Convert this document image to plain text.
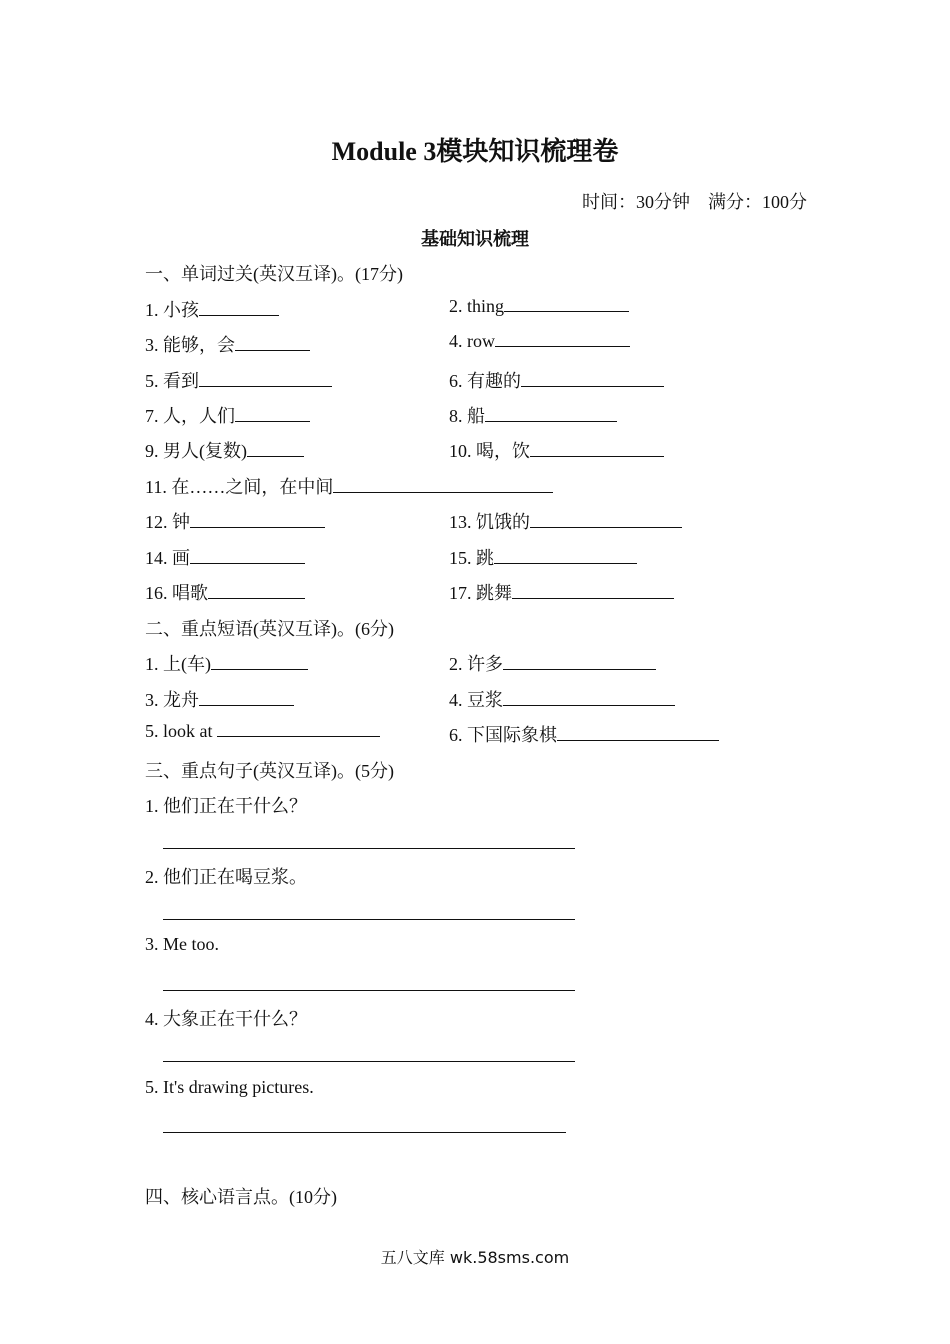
Module 3模块知识梳理卷
时间：30分钟　满分：100分
基础知识梳理
一、单词过关(英汉互译)。(17分)
1. 小孩	2. thing
3. 能够，会	4. row
5. 看到	6. 有趣的
7. 人，人们	8. 船
9. 男人(复数)	10. 喝，饮
11. 在……之间，在中间
12. 钟	13. 饥饿的
14. 画	15. 跳
16. 唱歌	17. 跳舞
二、重点短语(英汉互译)。(6分)
1. 上(车)	2. 许多
3. 龙舟	4. 豆浆
5. look at	6. 下国际象棋
三、重点句子(英汉互译)。(5分)
1. 他们正在干什么？
2. 他们正在喝豆浆。
3. Me too.
4. 大象正在干什么？
5. It's drawing pictures.
四、核心语言点。(10分)
五八文库 wk.58sms.com
